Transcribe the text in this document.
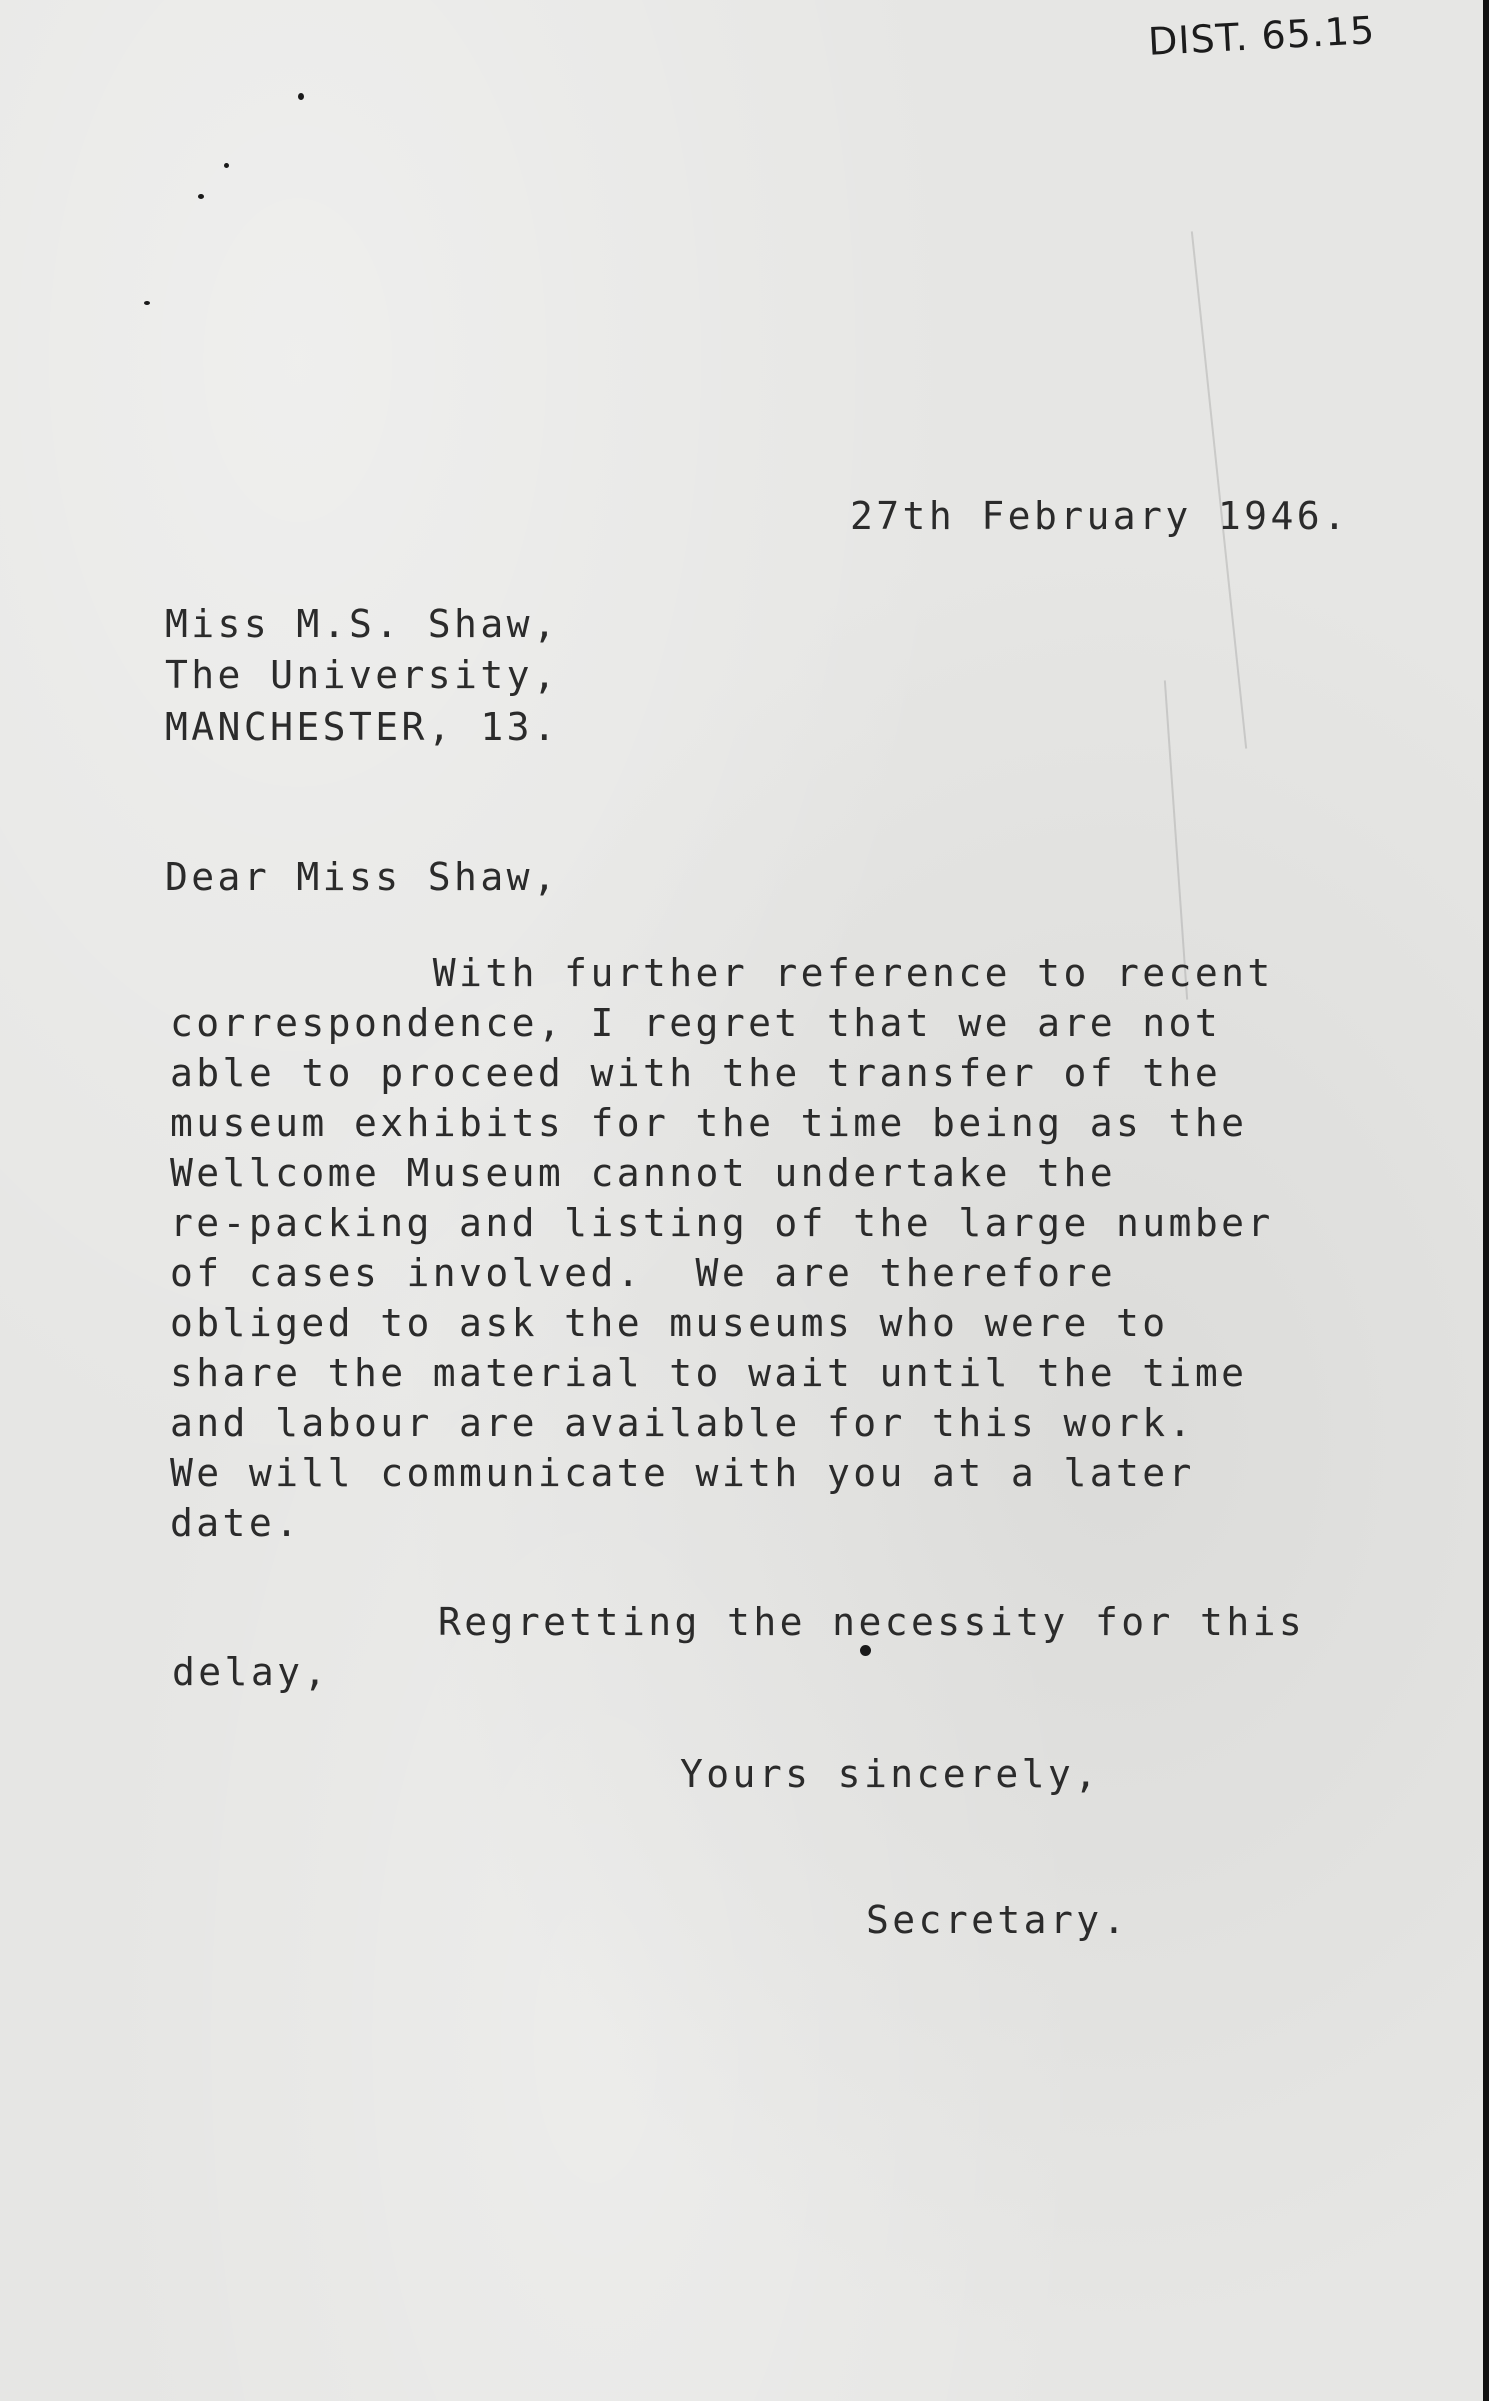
DIST. 65.15
27th February 1946.
Miss M.S. Shaw,
The University,
MANCHESTER, 13.
Dear Miss Shaw,
With further reference to recent
correspondence, I regret that we are not
able to proceed with the transfer of the
museum exhibits for the time being as the
Wellcome Museum cannot undertake the
re-packing and listing of the large number
of cases involved.  We are therefore
obliged to ask the museums who were to
share the material to wait until the time
and labour are available for this work.
We will communicate with you at a later
date.
Regretting the necessity for this
delay,
Yours sincerely,
Secretary.
